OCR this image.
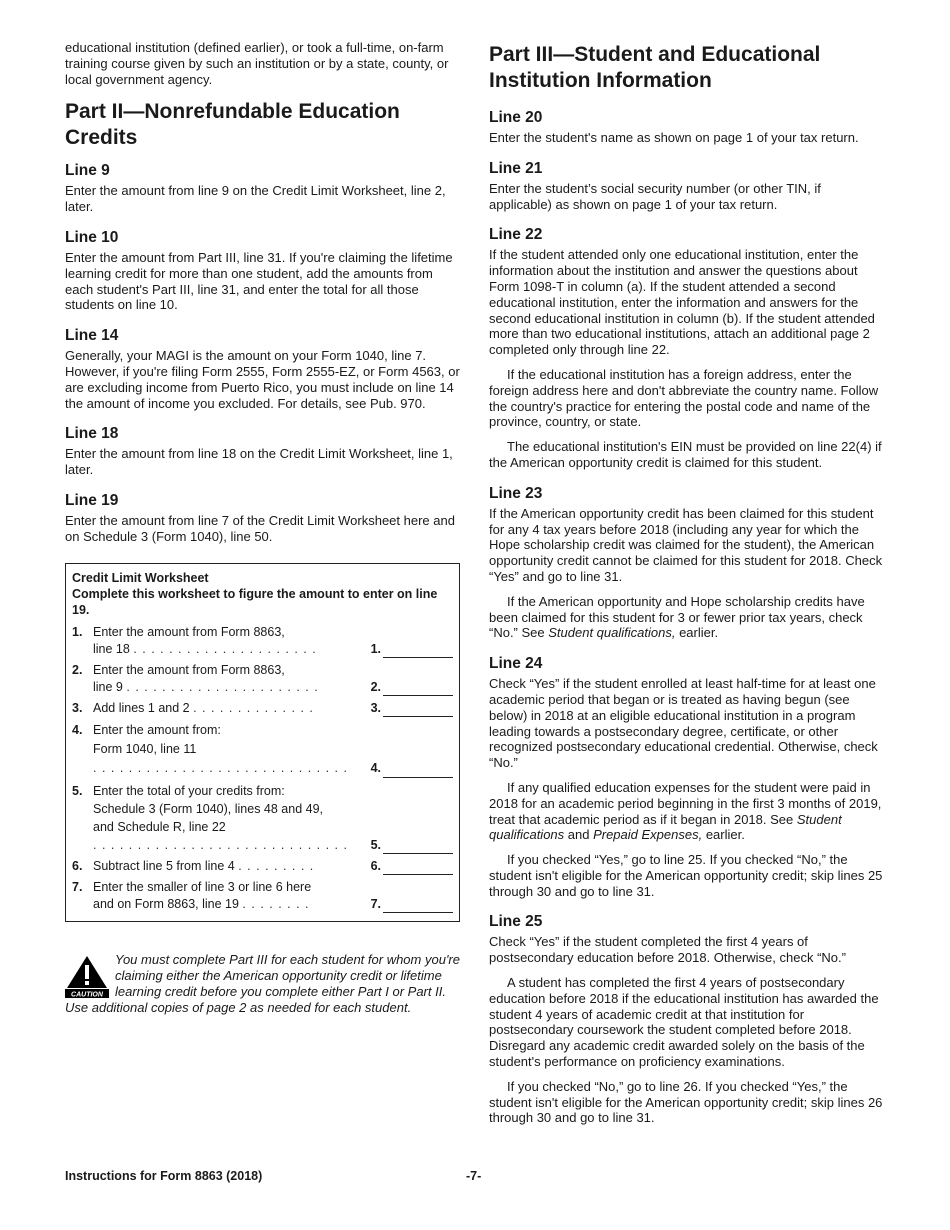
educational institution (defined earlier), or took a full-time, on-farm training course given by such an institution or by a state, county, or local government agency.

Part II—Nonrefundable Education Credits
Line 9

Enter the amount from line 9 on the Credit Limit Worksheet, line 2, later.

Line 10

Enter the amount from Part III, line 31. If you're claiming the lifetime learning credit for more than one student, add the amounts from each student's Part III, line 31, and enter the total for all those students on line 10.

Line 14

Generally, your MAGI is the amount on your Form 1040, line 7. However, if you're filing Form 2555, Form 2555-EZ, or Form 4563, or are excluding income from Puerto Rico, you must include on line 14 the amount of income you excluded. For details, see Pub. 970.

Line 18

Enter the amount from line 18 on the Credit Limit Worksheet, line 1, later.

Line 19

Enter the amount from line 7 of the Credit Limit Worksheet here and on Schedule 3 (Form 1040), line 50.

Credit Limit Worksheet
Complete this worksheet to figure the amount to enter on line 19.
1. Enter the amount from Form 8863,
line 18 . . . . . . . . . . . . . . . . . . . . .	1.
2. Enter the amount from Form 8863,
line 9 . . . . . . . . . . . . . . . . . . . . . .	2.
3. Add lines 1 and 2 . . . . . . . . . . . . . .	3.
4. Enter the amount from:
Form 1040, line 11
. . . . . . . . . . . . . . . . . . . . . . . . . . . . .	4.
5. Enter the total of your credits from:
Schedule 3 (Form 1040), lines 48 and 49,
and Schedule R, line 22
. . . . . . . . . . . . . . . . . . . . . . . . . . . . .	5.
6. Subtract line 5 from line 4 . . . . . . . . .	6.
7. Enter the smaller of line 3 or line 6 here
and on Form 8863, line 19 . . . . . . . .	7.
CAUTION
You must complete Part III for each student for whom you're claiming either the American opportunity credit or lifetime learning credit before you complete either Part I or Part II. Use additional copies of page 2 as needed for each student.
Part III—Student and Educational Institution Information
Line 20

Enter the student's name as shown on page 1 of your tax return.

Line 21

Enter the student’s social security number (or other TIN, if applicable) as shown on page 1 of your tax return.

Line 22

If the student attended only one educational institution, enter the information about the institution and answer the questions about Form 1098-T in column (a). If the student attended a second educational institution, enter the information and answers for the second educational institution in column (b). If the student attended more than two educational institutions, attach an additional page 2 completed only through line 22.

If the educational institution has a foreign address, enter the foreign address here and don't abbreviate the country name. Follow the country's practice for entering the postal code and name of the province, country, or state.

The educational institution's EIN must be provided on line 22(4) if the American opportunity credit is claimed for this student.

Line 23

If the American opportunity credit has been claimed for this student for any 4 tax years before 2018 (including any year for which the Hope scholarship credit was claimed for the student), the American opportunity credit cannot be claimed for this student for 2018. Check “Yes” and go to line 31.

If the American opportunity and Hope scholarship credits have been claimed for this student for 3 or fewer prior tax years, check “No.” See Student qualifications, earlier.

Line 24

Check “Yes” if the student enrolled at least half-time for at least one academic period that began or is treated as having begun (see below) in 2018 at an eligible educational institution in a program leading towards a postsecondary degree, certificate, or other recognized postsecondary educational credential. Otherwise, check “No.”

If any qualified education expenses for the student were paid in 2018 for an academic period beginning in the first 3 months of 2019, treat that academic period as if it began in 2018. See Student qualifications and Prepaid Expenses, earlier.

If you checked “Yes,” go to line 25. If you checked “No,” the student isn't eligible for the American opportunity credit; skip lines 25 through 30 and go to line 31.

Line 25

Check “Yes” if the student completed the first 4 years of postsecondary education before 2018. Otherwise, check “No.”

A student has completed the first 4 years of postsecondary education before 2018 if the educational institution has awarded the student 4 years of academic credit at that institution for postsecondary coursework the student completed before 2018. Disregard any academic credit awarded solely on the basis of the student's performance on proficiency examinations.

If you checked “No,” go to line 26. If you checked “Yes,” the student isn't eligible for the American opportunity credit; skip lines 26 through 30 and go to line 31.

Instructions for Form 8863 (2018)	-7-
